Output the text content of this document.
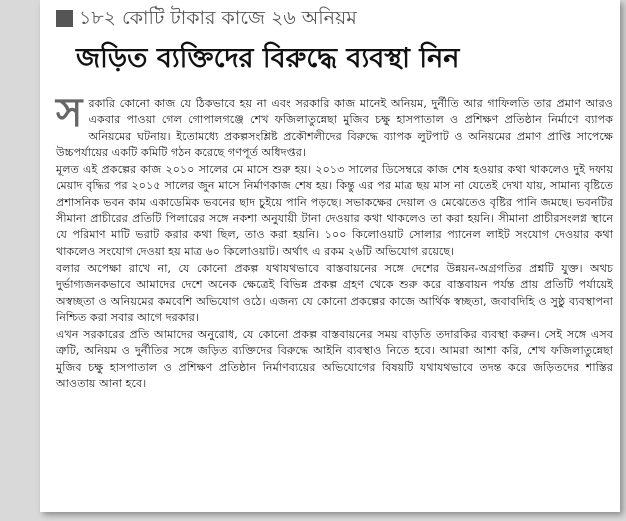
১৮২ কোটি টাকার কাজে ২৬ অনিয়ম
জড়িত ব্যক্তিদের বিরুদ্ধে ব্যবস্থা নিন

সরকারি কোনো কাজ যে ঠিকভাবে হয় না এবং সরকারি কাজ মানেই অনিয়ম, দুর্নীতি আর গাফিলতি তার প্রমাণ আরও একবার পাওয়া গেল গোপালগঞ্জে শেখ ফজিলাতুন্নেছা মুজিব চক্ষু হাসপাতাল ও প্রশিক্ষণ প্রতিষ্ঠান নির্মাণে ব্যাপক অনিয়মের ঘটনায়। ইতোমধ্যে প্রকল্পসংশ্লিষ্ট প্রকৌশলীদের বিরুদ্ধে ব্যাপক লুটপাট ও অনিয়মের প্রমাণ প্রাপ্তি সাপেক্ষে উচ্চপর্যায়ের একটি কমিটি গঠন করেছে গণপূর্ত অধিদপ্তর।

মূলত এই প্রকল্পের কাজ ২০১০ সালের মে মাসে শুরু হয়। ২০১৩ সালের ডিসেম্বরে কাজ শেষ হওয়ার কথা থাকলেও দুই দফায় মেয়াদ বৃদ্ধির পর ২০১৫ সালের জুন মাসে নির্মাণকাজ শেষ হয়। কিন্তু এর পর মাত্র ছয় মাস না যেতেই দেখা যায়, সামান্য বৃষ্টিতে প্রশাসনিক ভবন কাম একাডেমিক ভবনের ছাদ চুইয়ে পানি পড়ছে। সভাকক্ষের দেয়াল ও মেঝেতেও বৃষ্টির পানি জমছে। ভবনটির সীমানা প্রাচীরের প্রতিটি পিলারের সঙ্গে নকশা অনুযায়ী টানা দেওয়ার কথা থাকলেও তা করা হয়নি। সীমানা প্রাচীরসংলগ্ন স্থানে যে পরিমাণ মাটি ভরাট করার কথা ছিল, তাও করা হয়নি। ১০০ কিলোওয়াট সোলার প্যানেল লাইট সংযোগ দেওয়ার কথা থাকলেও সংযোগ দেওয়া হয় মাত্র ৬০ কিলোওয়াট। অর্থাৎ এ রকম ২৬টি অভিযোগ রয়েছে।

বলার অপেক্ষা রাখে না, যে কোনো প্রকল্প যথাযথভাবে বাস্তবায়নের সঙ্গে দেশের উন্নয়ন-অগ্রগতির প্রশ্নটি যুক্ত। অথচ দুর্ভাগ্যজনকভাবে আমাদের দেশে অনেক ক্ষেত্রেই বিভিন্ন প্রকল্প গ্রহণ থেকে শুরু করে বাস্তবায়ন পর্যন্ত প্রায় প্রতিটি পর্যায়েই অস্বচ্ছতা ও অনিয়মের কমবেশি অভিযোগ ওঠে। এজন্য যে কোনো প্রকল্পের কাজে আর্থিক স্বচ্ছতা, জবাবদিহি ও সুষ্ঠু ব্যবস্থাপনা নিশ্চিত করা সবার আগে দরকার।

এখন সরকারের প্রতি আমাদের অনুরোধ, যে কোনো প্রকল্প বাস্তবায়নের সময় বাড়তি তদারকির ব্যবস্থা করুন। সেই সঙ্গে এসব ত্রুটি, অনিয়ম ও দুর্নীতির সঙ্গে জড়িত ব্যক্তিদের বিরুদ্ধে আইনি ব্যবস্থাও নিতে হবে। আমরা আশা করি, শেখ ফজিলাতুন্নেছা মুজিব চক্ষু হাসপাতাল ও প্রশিক্ষণ প্রতিষ্ঠান নির্মাণব্যয়ের অভিযোগের বিষয়টি যথাযথভাবে তদন্ত করে জড়িতদের শাস্তির আওতায় আনা হবে।
